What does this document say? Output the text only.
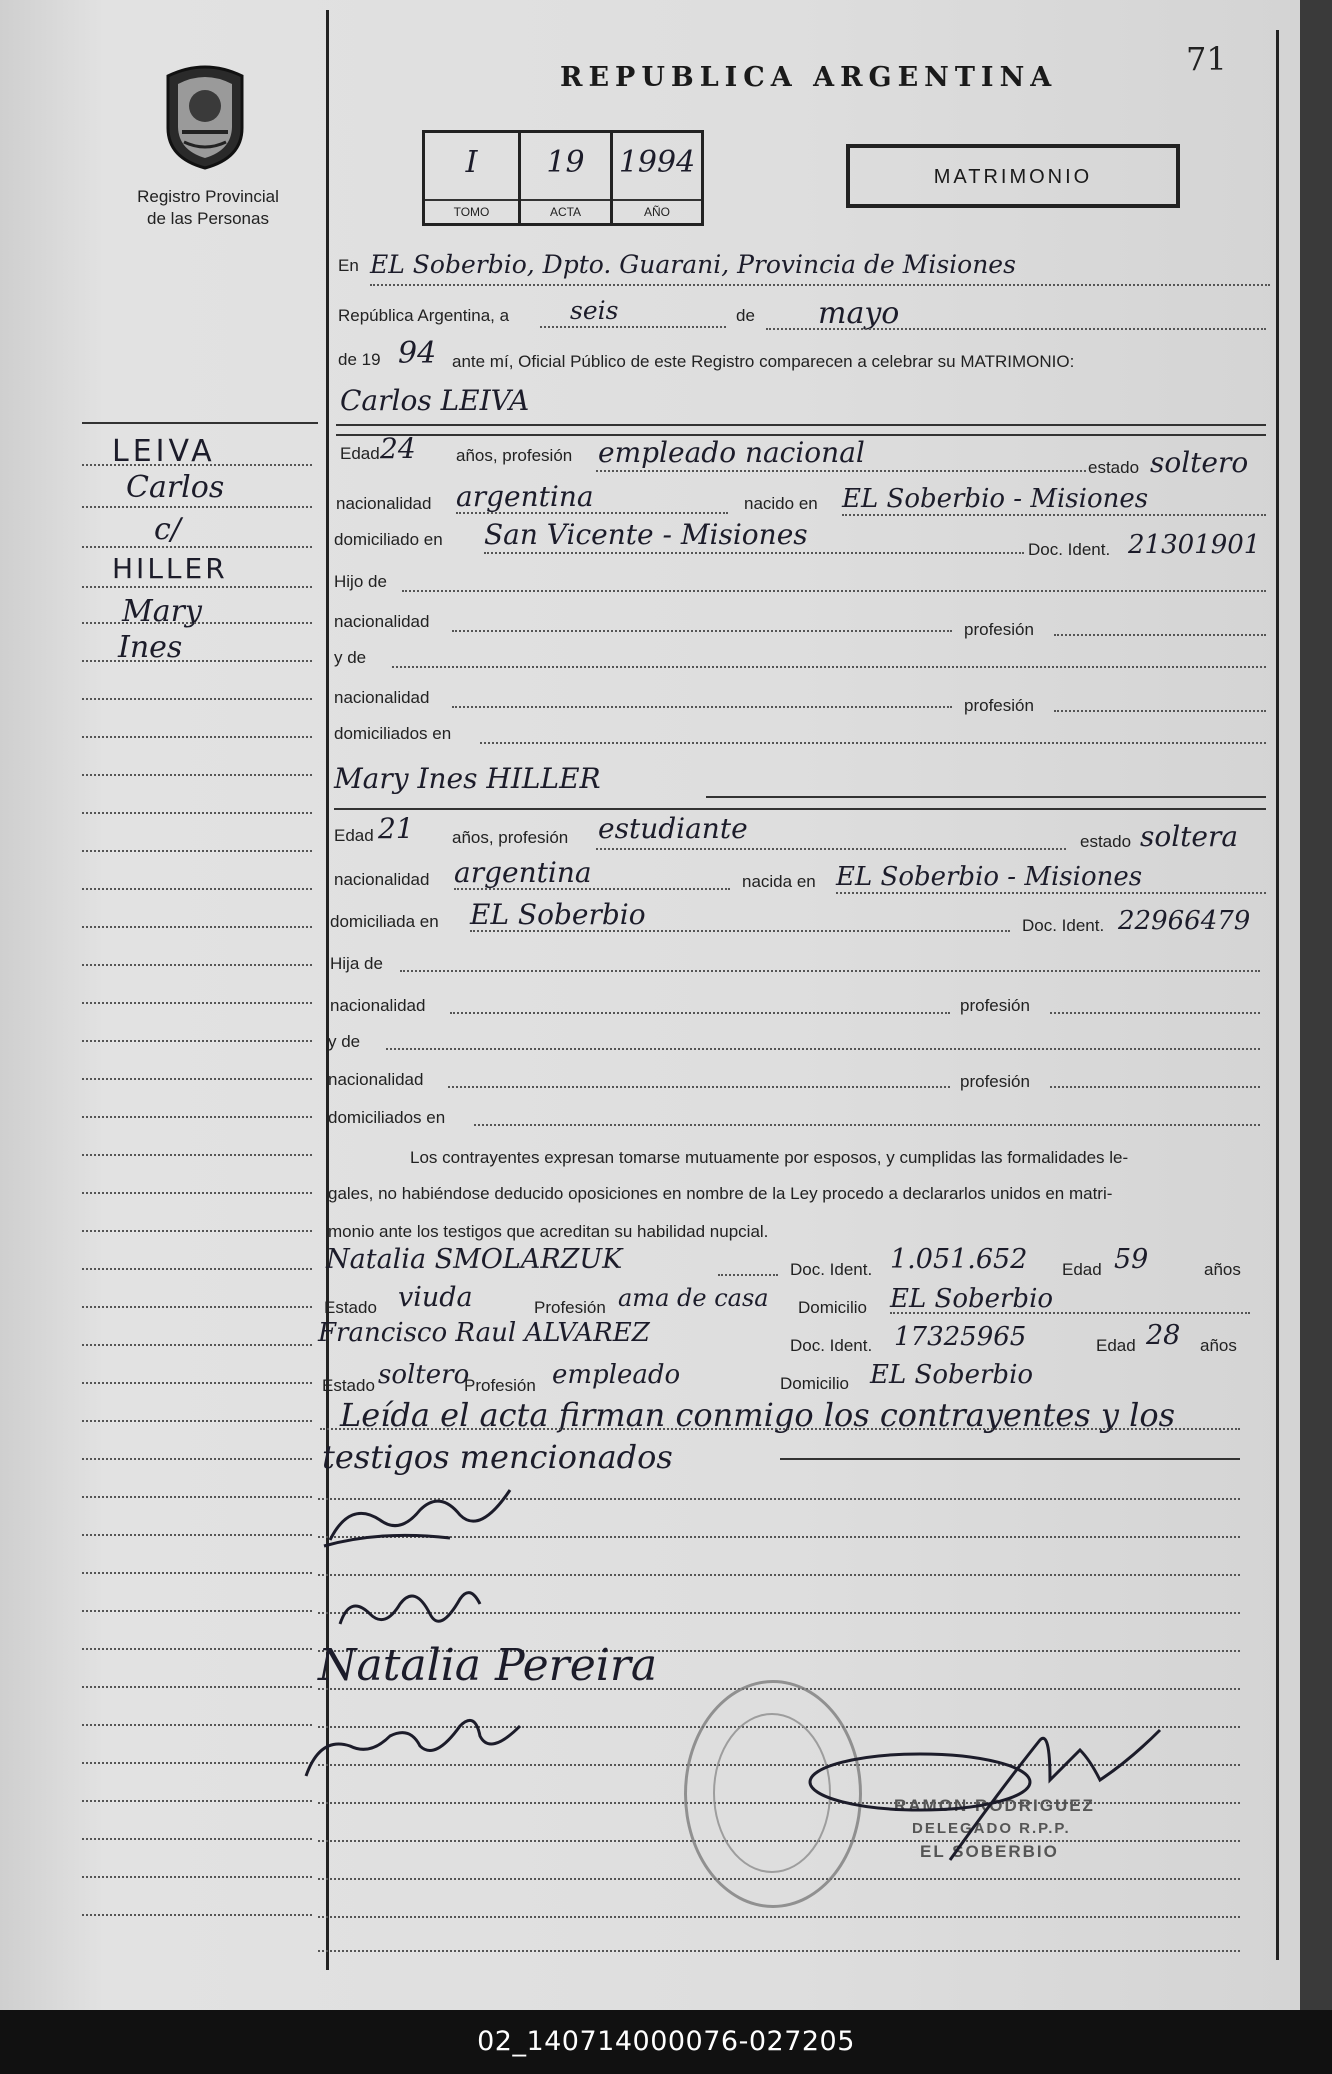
71
REPUBLICA ARGENTINA
Registro Provincial
de las Personas
I
TOMO
19
ACTA
1994
AÑO
MATRIMONIO
LEIVA
Carlos
c/
HILLER
Mary
Ines
En EL Soberbio, Dpto. Guarani, Provincia de Misiones
República Argentina, a seis	de mayo
de 19 94 ante mí, Oficial Público de este Registro comparecen a celebrar su MATRIMONIO:
Carlos LEIVA
Edad 24 años, profesión empleado nacional	estado soltero
nacionalidad argentina	nacido en EL Soberbio - Misiones
domiciliado en San Vicente - Misiones	Doc. Ident. 21301901
Hijo de
nacionalidad	profesión
y de
nacionalidad	profesión
domiciliados en
Mary Ines HILLER
Edad 21 años, profesión estudiante	estado soltera
nacionalidad argentina	nacida en EL Soberbio - Misiones
domiciliada en EL Soberbio	Doc. Ident. 22966479
Hija de
nacionalidad	profesión
y de
nacionalidad	profesión
domiciliados en
Los contrayentes expresan tomarse mutuamente por esposos, y cumplidas las formalidades le-
gales, no habiéndose deducido oposiciones en nombre de la Ley procedo a declararlos unidos en matri-
monio ante los testigos que acreditan su habilidad nupcial.
Natalia SMOLARZUK	Doc. Ident. 1.051.652 Edad 59	años
Estado viuda	Profesión ama de casa Domicilio EL Soberbio
Francisco Raul ALVAREZ	Doc. Ident. 17325965	Edad 28 años
Estado soltero
Profesión empleado	Domicilio EL Soberbio
Leída el acta firman conmigo los contrayentes y los
testigos mencionados
Natalia Pereira
RAMON RODRIGUEZ
DELEGADO R.P.P.
EL SOBERBIO
02_140714000076-027205
